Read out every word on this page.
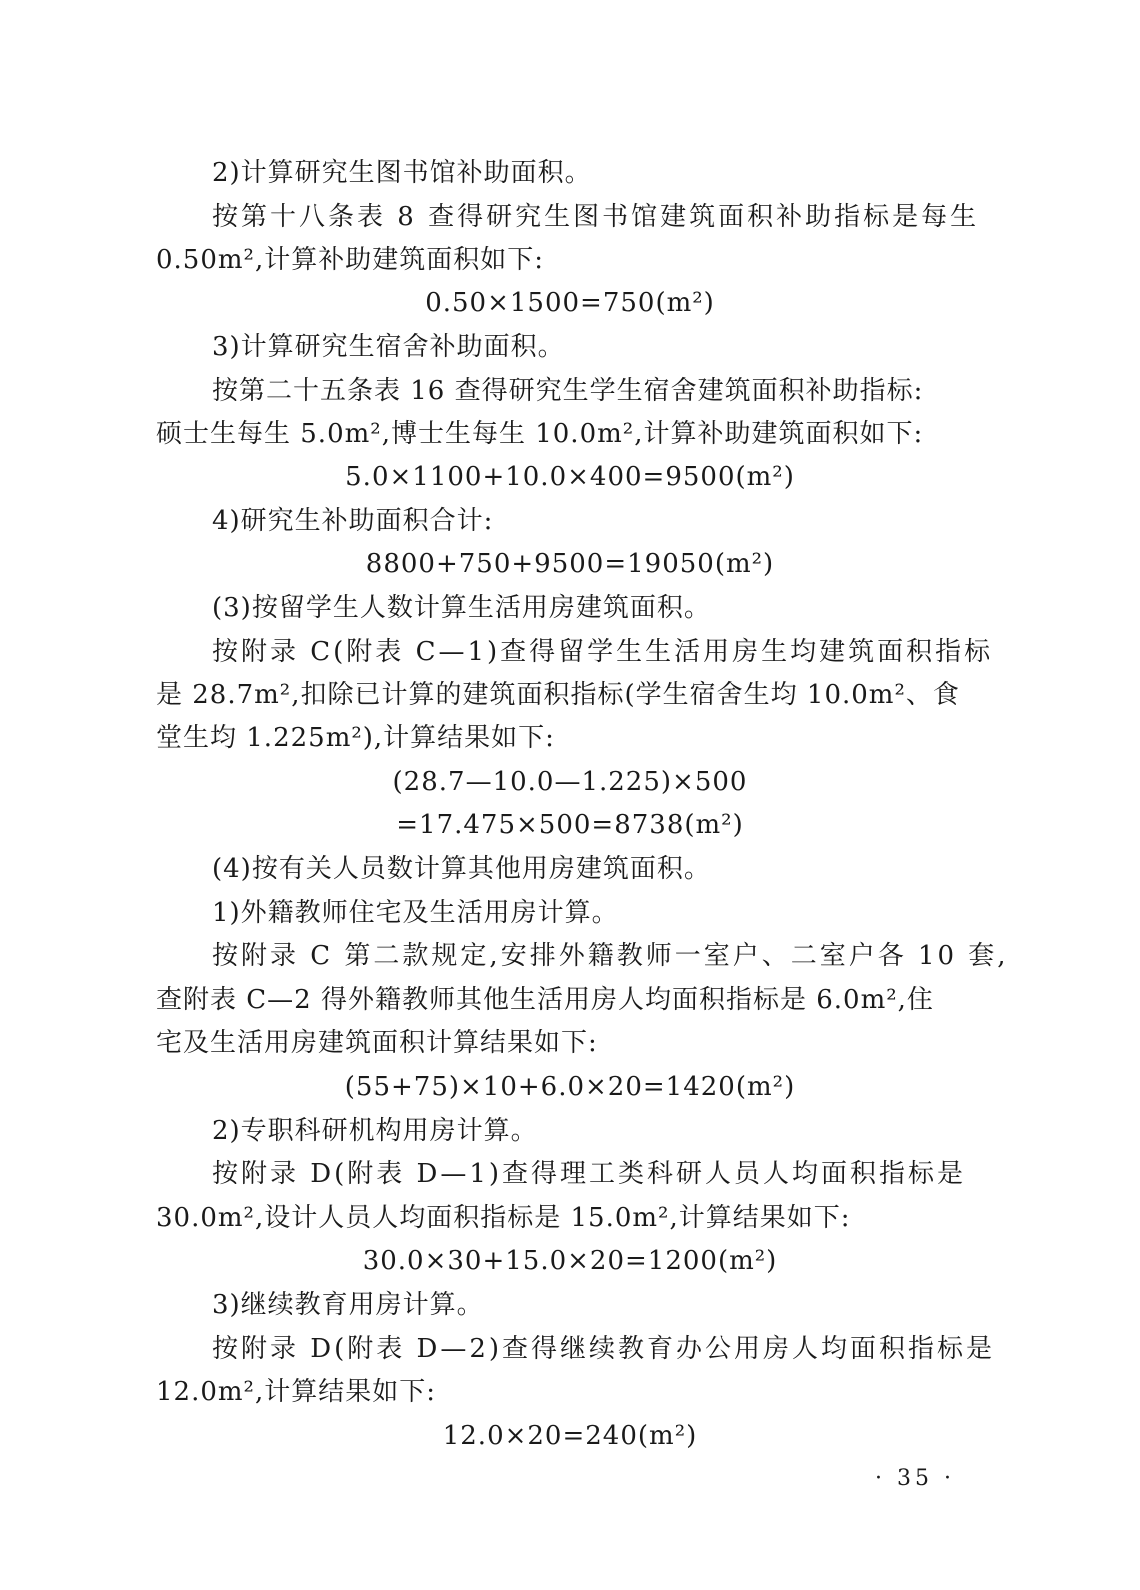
2)计算研究生图书馆补助面积。
按第十八条表 8 查得研究生图书馆建筑面积补助指标是每生
0.50m²,计算补助建筑面积如下:
0.50×1500=750(m²)
3)计算研究生宿舍补助面积。
按第二十五条表 16 查得研究生学生宿舍建筑面积补助指标:
硕士生每生 5.0m²,博士生每生 10.0m²,计算补助建筑面积如下:
5.0×1100+10.0×400=9500(m²)
4)研究生补助面积合计:
8800+750+9500=19050(m²)
(3)按留学生人数计算生活用房建筑面积。
按附录 C(附表 C—1)查得留学生生活用房生均建筑面积指标
是 28.7m²,扣除已计算的建筑面积指标(学生宿舍生均 10.0m²、食
堂生均 1.225m²),计算结果如下:
(28.7—10.0—1.225)×500
=17.475×500=8738(m²)
(4)按有关人员数计算其他用房建筑面积。
1)外籍教师住宅及生活用房计算。
按附录 C 第二款规定,安排外籍教师一室户、二室户各 10 套,
查附表 C—2 得外籍教师其他生活用房人均面积指标是 6.0m²,住
宅及生活用房建筑面积计算结果如下:
(55+75)×10+6.0×20=1420(m²)
2)专职科研机构用房计算。
按附录 D(附表 D—1)查得理工类科研人员人均面积指标是
30.0m²,设计人员人均面积指标是 15.0m²,计算结果如下:
30.0×30+15.0×20=1200(m²)
3)继续教育用房计算。
按附录 D(附表 D—2)查得继续教育办公用房人均面积指标是
12.0m²,计算结果如下:
12.0×20=240(m²)
· 35 ·
